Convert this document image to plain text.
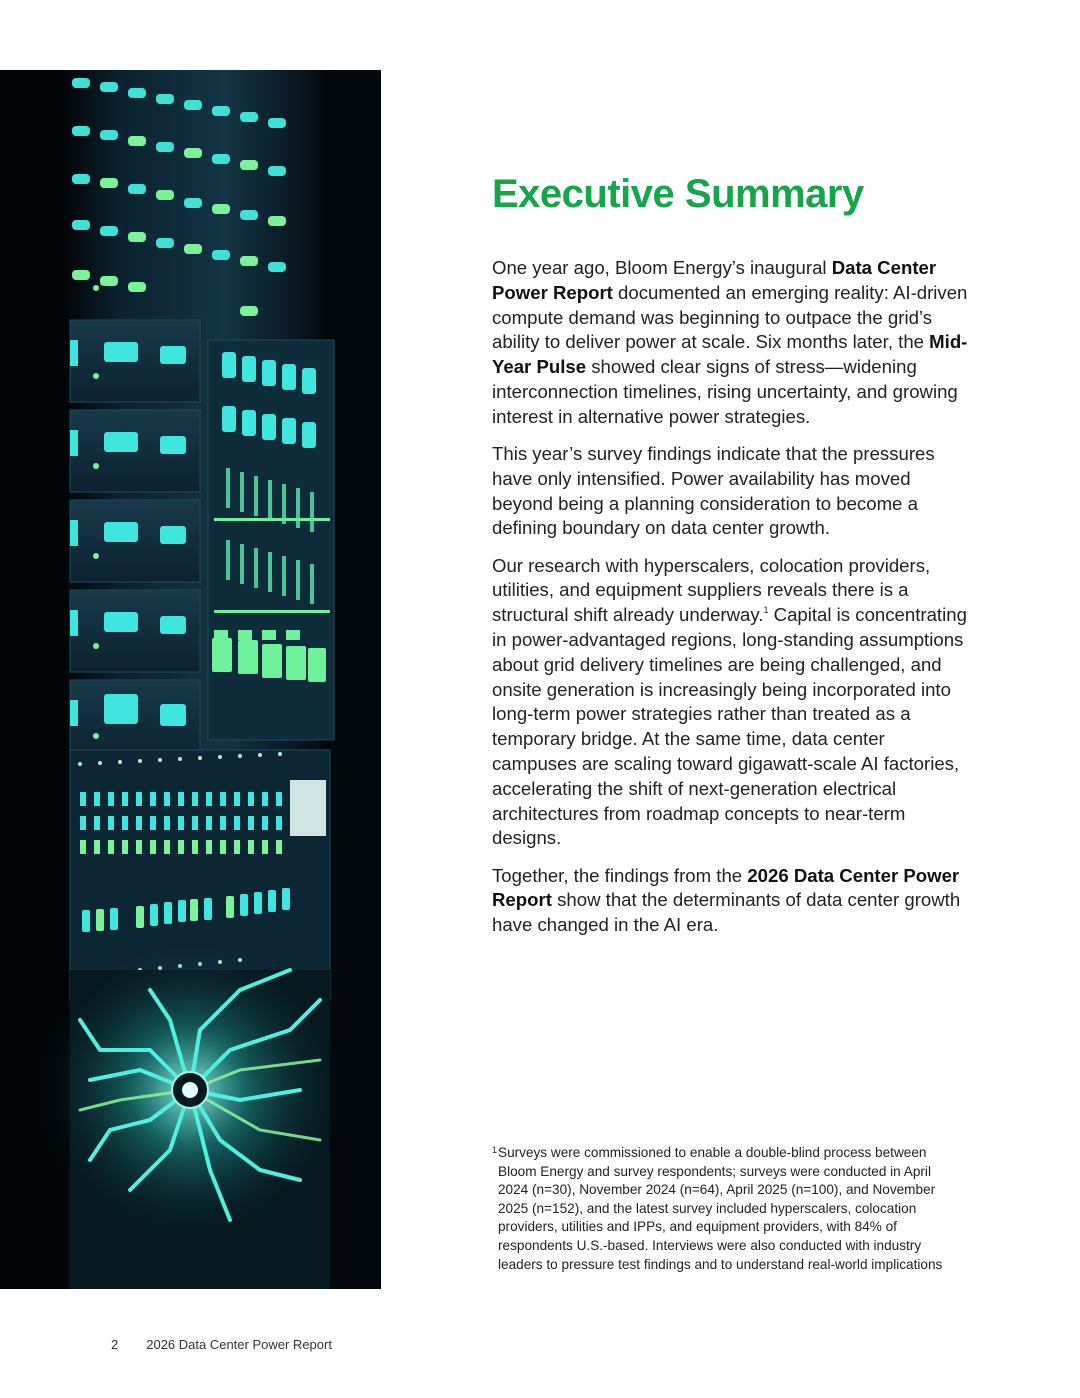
Executive Summary

One year ago, Bloom Energy’s inaugural Data Center Power Report documented an emerging reality: AI-driven compute demand was beginning to outpace the grid’s ability to deliver power at scale. Six months later, the Mid-Year Pulse showed clear signs of stress—widening interconnection timelines, rising uncertainty, and growing interest in alternative power strategies.

This year’s survey findings indicate that the pressures have only intensified. Power availability has moved beyond being a planning consideration to become a defining boundary on data center growth.

Our research with hyperscalers, colocation providers, utilities, and equipment suppliers reveals there is a structural shift already underway.$^1$ Capital is concentrating in power-advantaged regions, long-standing assumptions about grid delivery timelines are being challenged, and onsite generation is increasingly being incorporated into long-term power strategies rather than treated as a temporary bridge. At the same time, data center campuses are scaling toward gigawatt-scale AI factories, accelerating the shift of next-generation electrical architectures from roadmap concepts to near-term designs.

Together, the findings from the 2026 Data Center Power Report show that the determinants of data center growth have changed in the AI era.

1 Surveys were commissioned to enable a double-blind process between Bloom Energy and survey respondents; surveys were conducted in April 2024 (n=30), November 2024 (n=64), April 2025 (n=100), and November 2025 (n=152), and the latest survey included hyperscalers, colocation providers, utilities and IPPs, and equipment providers, with 84% of respondents U.S.-based. Interviews were also conducted with industry leaders to pressure test findings and to understand real-world implications
2 2026 Data Center Power Report
